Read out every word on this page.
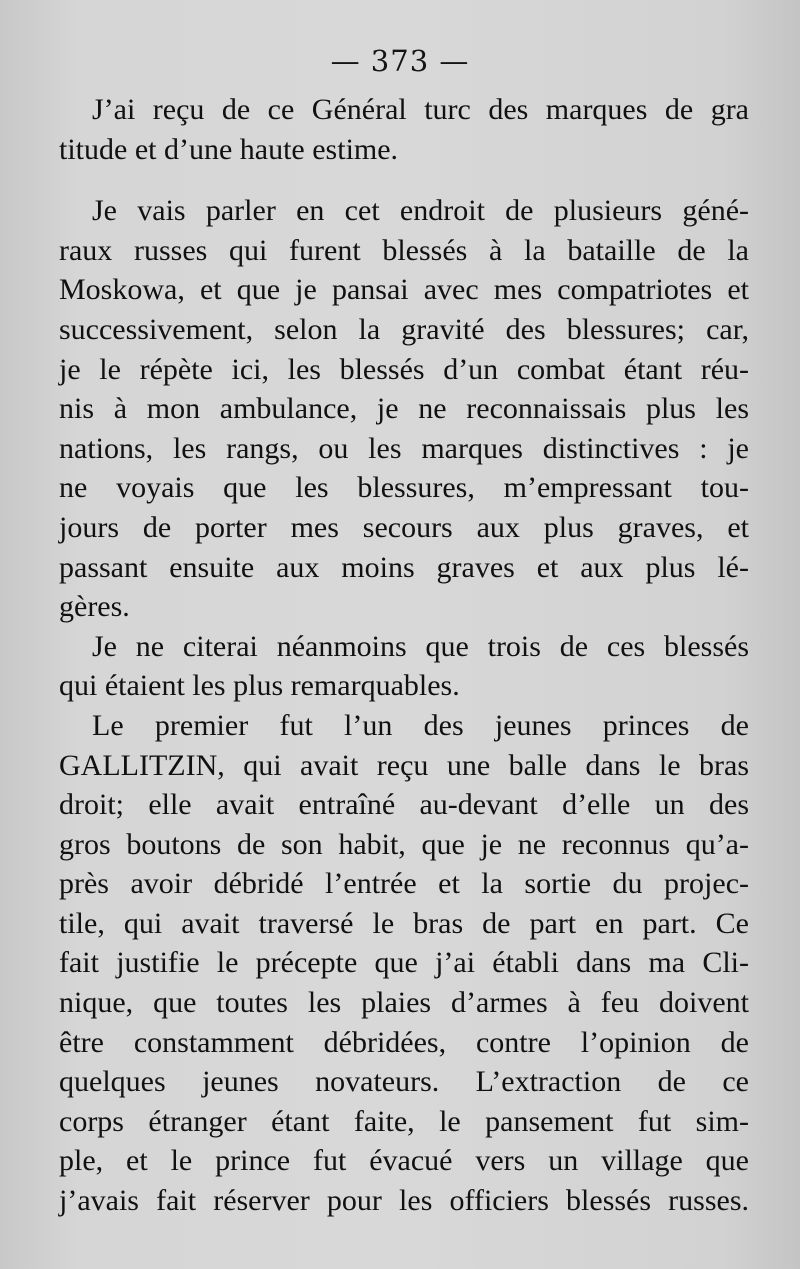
— 373 —
J’ai reçu de ce Général turc des marques de gra
titude et d’une haute estime.
Je vais parler en cet endroit de plusieurs géné-
raux russes qui furent blessés à la bataille de la
Moskowa, et que je pansai avec mes compatriotes et
successivement, selon la gravité des blessures; car,
je le répète ici, les blessés d’un combat étant réu-
nis à mon ambulance, je ne reconnaissais plus les
nations, les rangs, ou les marques distinctives : je
ne voyais que les blessures, m’empressant tou-
jours de porter mes secours aux plus graves, et
passant ensuite aux moins graves et aux plus lé-
gères.
Je ne citerai néanmoins que trois de ces blessés
qui étaient les plus remarquables.
Le premier fut l’un des jeunes princes de
GALLITZIN, qui avait reçu une balle dans le bras
droit; elle avait entraîné au-devant d’elle un des
gros boutons de son habit, que je ne reconnus qu’a-
près avoir débridé l’entrée et la sortie du projec-
tile, qui avait traversé le bras de part en part. Ce
fait justifie le précepte que j’ai établi dans ma Cli-
nique, que toutes les plaies d’armes à feu doivent
être constamment débridées, contre l’opinion de
quelques jeunes novateurs. L’extraction de ce
corps étranger étant faite, le pansement fut sim-
ple, et le prince fut évacué vers un village que
j’avais fait réserver pour les officiers blessés russes.
